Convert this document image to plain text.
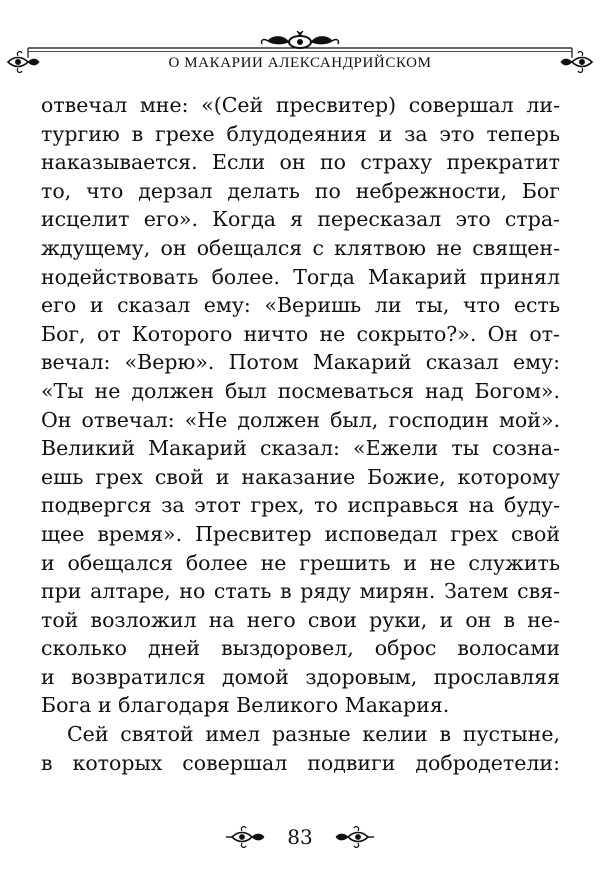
О МАКАРИИ АЛЕКСАНДРИЙСКОМ
отвечал мне: «(Сей пресвитер) совершал ли-
тургию в грехе блудодеяния и за это теперь
наказывается. Если он по страху прекратит
то, что дерзал делать по небрежности, Бог
исцелит его». Когда я пересказал это стра-
ждущему, он обещался с клятвою не священ-
нодействовать более. Тогда Макарий принял
его и сказал ему: «Веришь ли ты, что есть
Бог, от Которого ничто не сокрыто?». Он от-
вечал: «Верю». Потом Макарий сказал ему:
«Ты не должен был посмеваться над Богом».
Он отвечал: «Не должен был, господин мой».
Великий Макарий сказал: «Ежели ты созна-
ешь грех свой и наказание Божие, которому
подвергся за этот грех, то исправься на буду-
щее время». Пресвитер исповедал грех свой
и обещался более не грешить и не служить
при алтаре, но стать в ряду мирян. Затем свя-
той возложил на него свои руки, и он в не-
сколько дней выздоровел, оброс волосами
и возвратился домой здоровым, прославляя
Бога и благодаря Великого Макария.
Сей святой имел разные келии в пустыне,
в которых совершал подвиги добродетели:
83
